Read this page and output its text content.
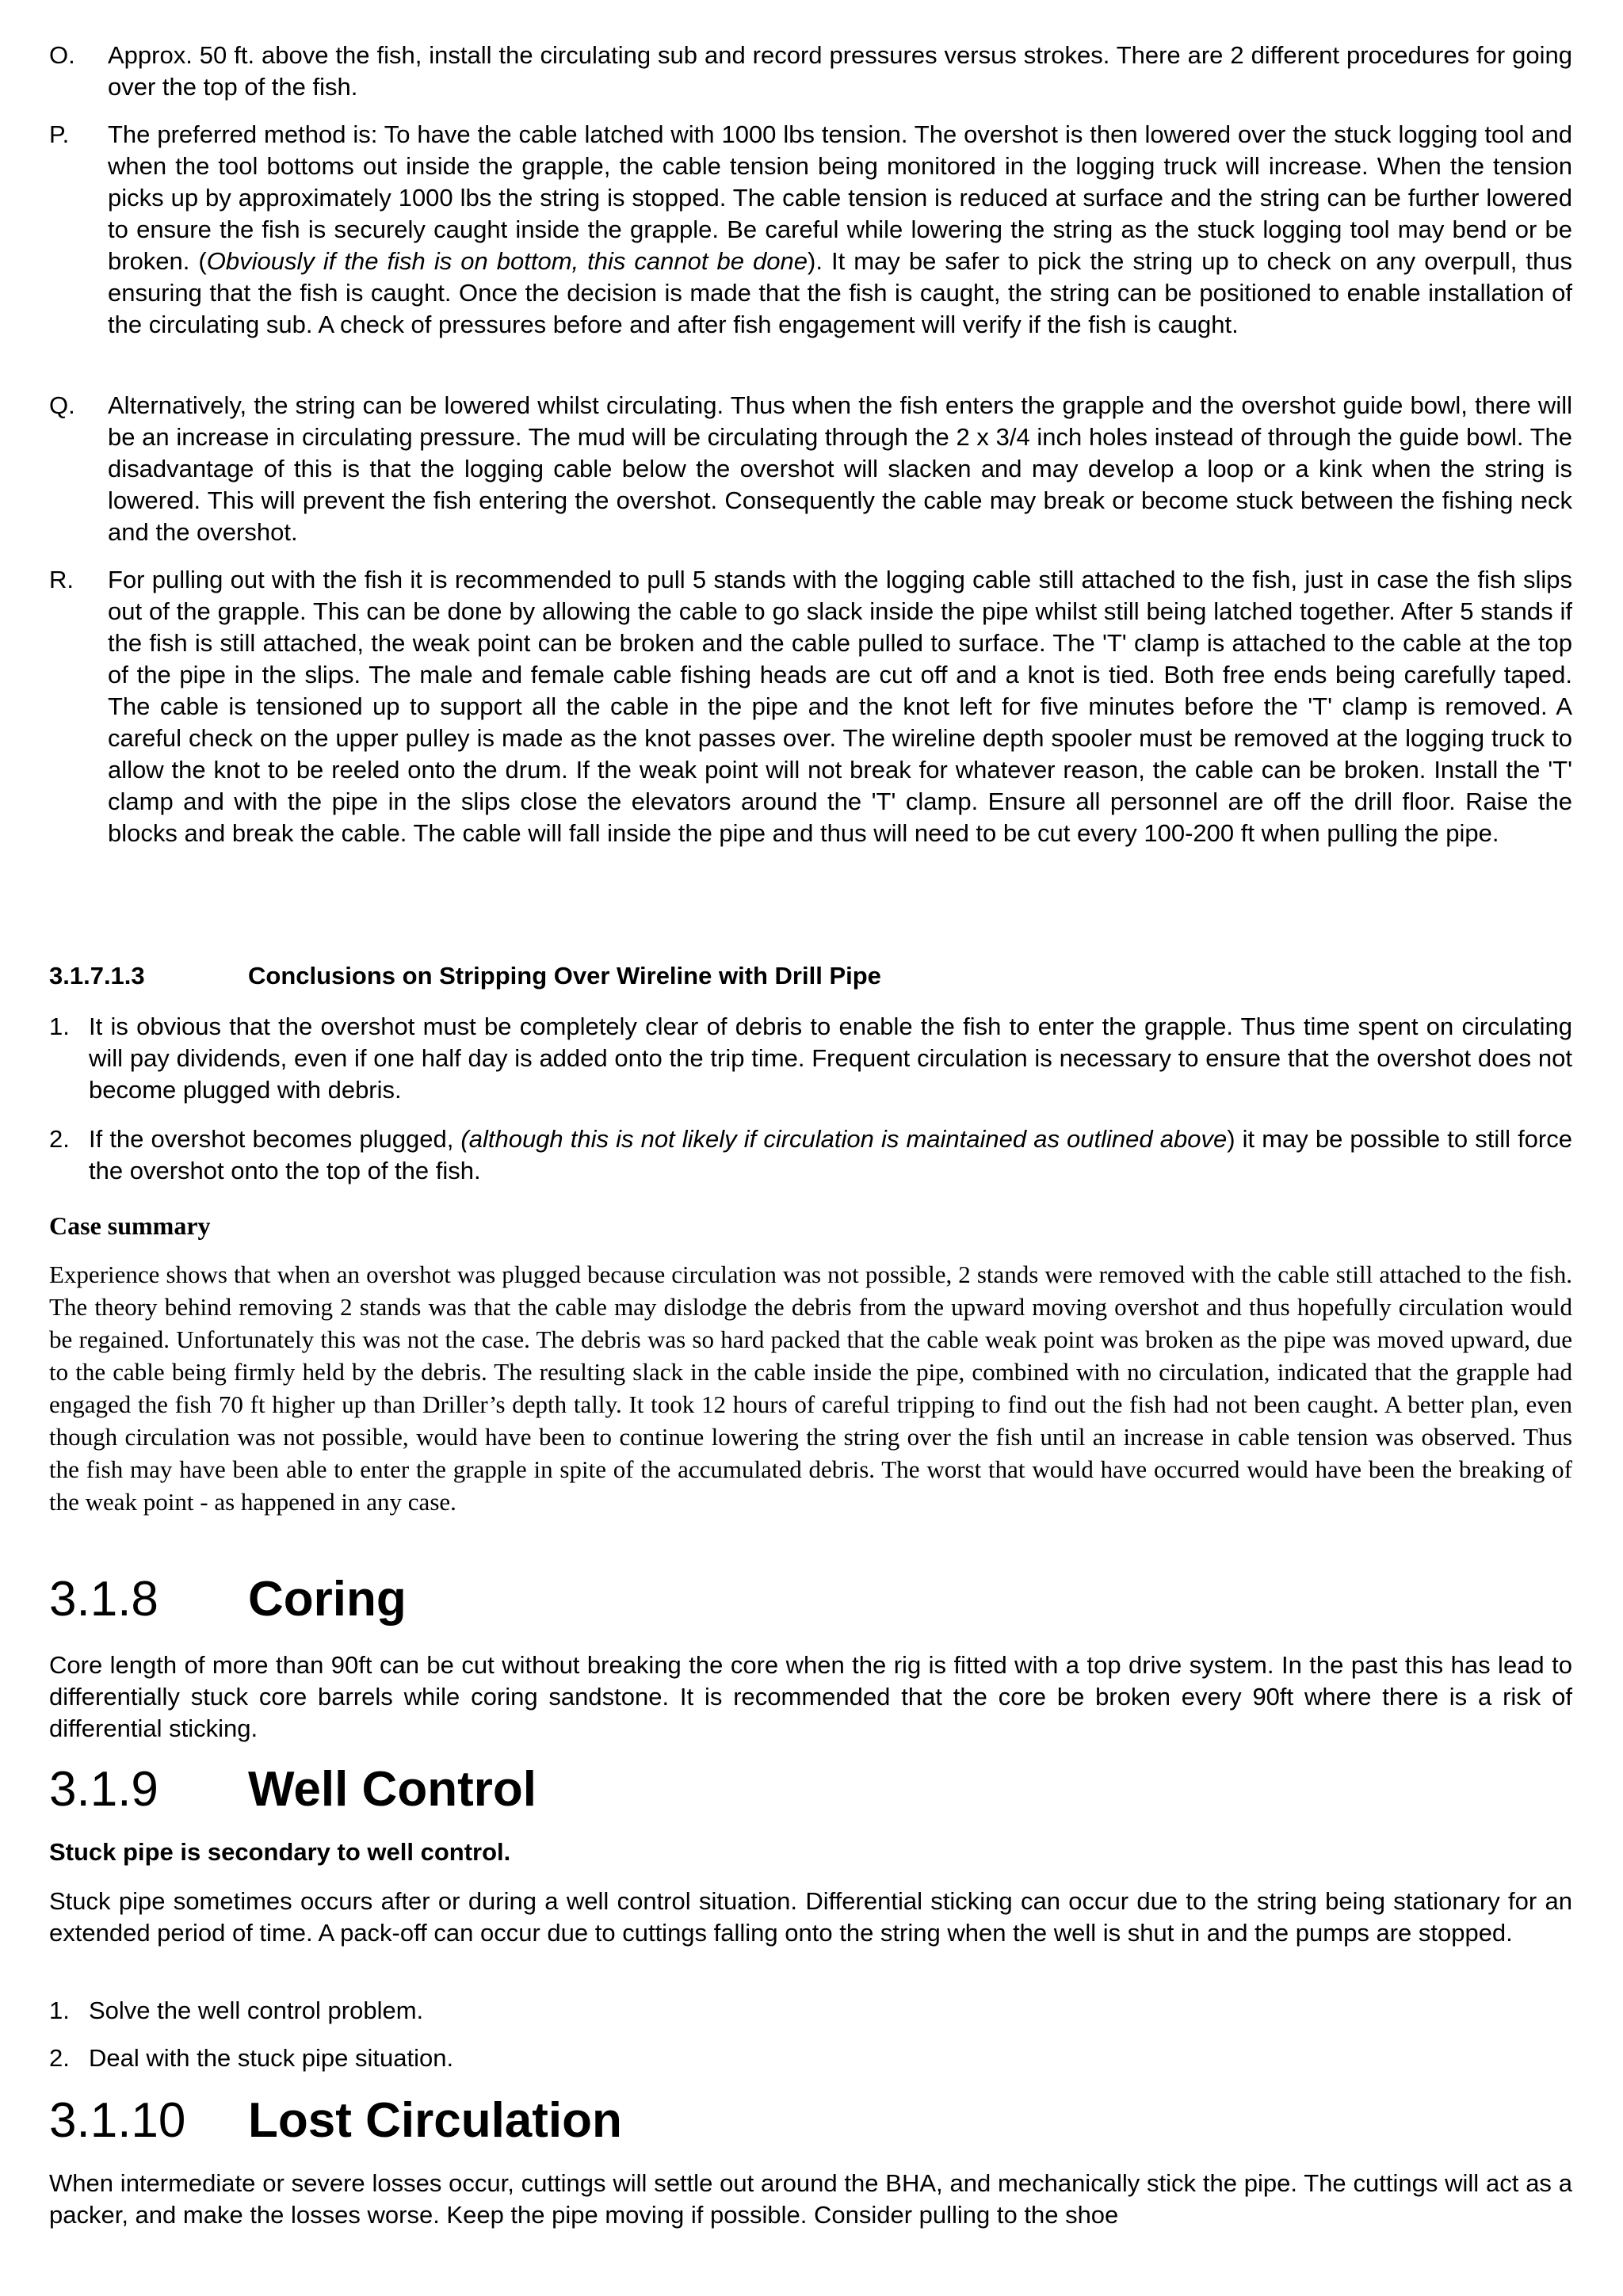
O.	Approx. 50 ft. above the fish, install the circulating sub and record pressures versus strokes. There are 2 different procedures for going over the top of the fish.

P.	The preferred method is: To have the cable latched with 1000 lbs tension. The overshot is then lowered over the stuck logging tool and when the tool bottoms out inside the grapple, the cable tension being monitored in the logging truck will increase. When the tension picks up by approximately 1000 lbs the string is stopped. The cable tension is reduced at surface and the string can be further lowered to ensure the fish is securely caught inside the grapple. Be careful while lowering the string as the stuck logging tool may bend or be broken. (Obviously if the fish is on bottom, this cannot be done). It may be safer to pick the string up to check on any overpull, thus ensuring that the fish is caught. Once the decision is made that the fish is caught, the string can be positioned to enable installation of the circulating sub. A check of pressures before and after fish engagement will verify if the fish is caught.

Q.	Alternatively, the string can be lowered whilst circulating. Thus when the fish enters the grapple and the overshot guide bowl, there will be an increase in circulating pressure. The mud will be circulating through the 2 x 3/4 inch holes instead of through the guide bowl. The disadvantage of this is that the logging cable below the overshot will slacken and may develop a loop or a kink when the string is lowered. This will prevent the fish entering the overshot. Consequently the cable may break or become stuck between the fishing neck and the overshot.

R.	For pulling out with the fish it is recommended to pull 5 stands with the logging cable still attached to the fish, just in case the fish slips out of the grapple. This can be done by allowing the cable to go slack inside the pipe whilst still being latched together. After 5 stands if the fish is still attached, the weak point can be broken and the cable pulled to surface. The 'T' clamp is attached to the cable at the top of the pipe in the slips. The male and female cable fishing heads are cut off and a knot is tied. Both free ends being carefully taped. The cable is tensioned up to support all the cable in the pipe and the knot left for five minutes before the 'T' clamp is removed. A careful check on the upper pulley is made as the knot passes over. The wireline depth spooler must be removed at the logging truck to allow the knot to be reeled onto the drum. If the weak point will not break for whatever reason, the cable can be broken. Install the 'T' clamp and with the pipe in the slips close the elevators around the 'T' clamp. Ensure all personnel are off the drill floor. Raise the blocks and break the cable. The cable will fall inside the pipe and thus will need to be cut every 100-200 ft when pulling the pipe.

3.1.7.1.3	Conclusions on Stripping Over Wireline with Drill Pipe
1. It is obvious that the overshot must be completely clear of debris to enable the fish to enter the grapple. Thus time spent on circulating will pay dividends, even if one half day is added onto the trip time. Frequent circulation is necessary to ensure that the overshot does not become plugged with debris.

2. If the overshot becomes plugged, (although this is not likely if circulation is maintained as outlined above) it may be possible to still force the overshot onto the top of the fish.

Case summary

Experience shows that when an overshot was plugged because circulation was not possible, 2 stands were removed with the cable still attached to the fish. The theory behind removing 2 stands was that the cable may dislodge the debris from the upward moving overshot and thus hopefully circulation would be regained. Unfortunately this was not the case. The debris was so hard packed that the cable weak point was broken as the pipe was moved upward, due to the cable being firmly held by the debris. The resulting slack in the cable inside the pipe, combined with no circulation, indicated that the grapple had engaged the fish 70 ft higher up than Driller’s depth tally. It took 12 hours of careful tripping to find out the fish had not been caught. A better plan, even though circulation was not possible, would have been to continue lowering the string over the fish until an increase in cable tension was observed. Thus the fish may have been able to enter the grapple in spite of the accumulated debris. The worst that would have occurred would have been the breaking of the weak point - as happened in any case.

3.1.8 Coring

Core length of more than 90ft can be cut without breaking the core when the rig is fitted with a top drive system. In the past this has lead to differentially stuck core barrels while coring sandstone. It is recommended that the core be broken every 90ft where there is a risk of differential sticking.

3.1.9 Well Control
Stuck pipe is secondary to well control.

Stuck pipe sometimes occurs after or during a well control situation. Differential sticking can occur due to the string being stationary for an extended period of time. A pack-off can occur due to cuttings falling onto the string when the well is shut in and the pumps are stopped.

1. Solve the well control problem.

2. Deal with the stuck pipe situation.

3.1.10 Lost Circulation

When intermediate or severe losses occur, cuttings will settle out around the BHA, and mechanically stick the pipe. The cuttings will act as a packer, and make the losses worse. Keep the pipe moving if possible. Consider pulling to the shoe
